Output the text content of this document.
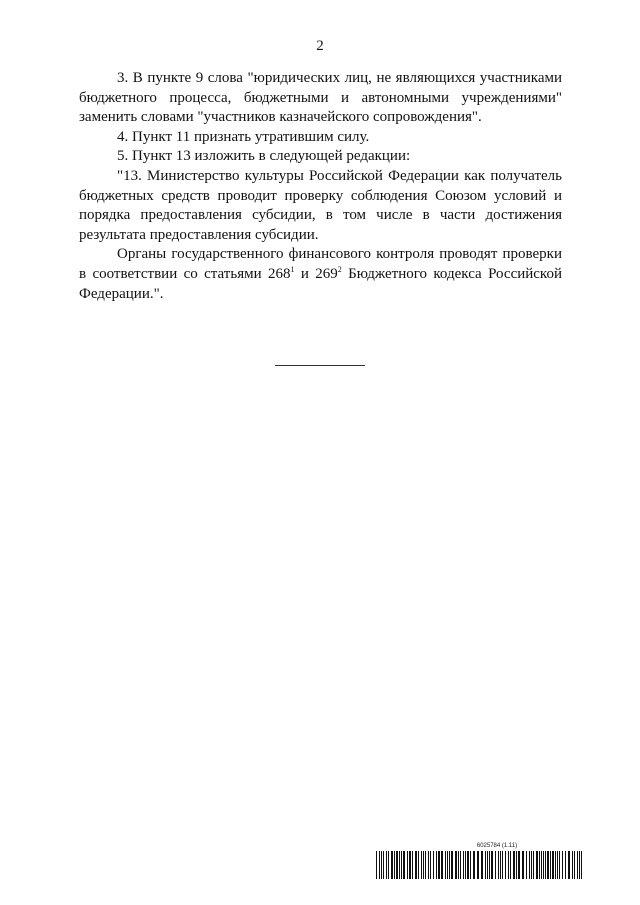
2

3. В пункте 9 слова "юридических лиц, не являющихся участниками бюджетного процесса, бюджетными и автономными учреждениями" заменить словами "участников казначейского сопровождения".

4. Пункт 11 признать утратившим силу.

5. Пункт 13 изложить в следующей редакции:

"13. Министерство культуры Российской Федерации как получатель бюджетных средств проводит проверку соблюдения Союзом условий и порядка предоставления субсидии, в том числе в части достижения результата предоставления субсидии.

Органы государственного финансового контроля проводят проверки в соответствии со статьями $268^1$ и $269^2$ Бюджетного кодекса Российской Федерации.".

6025784 (1.11)
